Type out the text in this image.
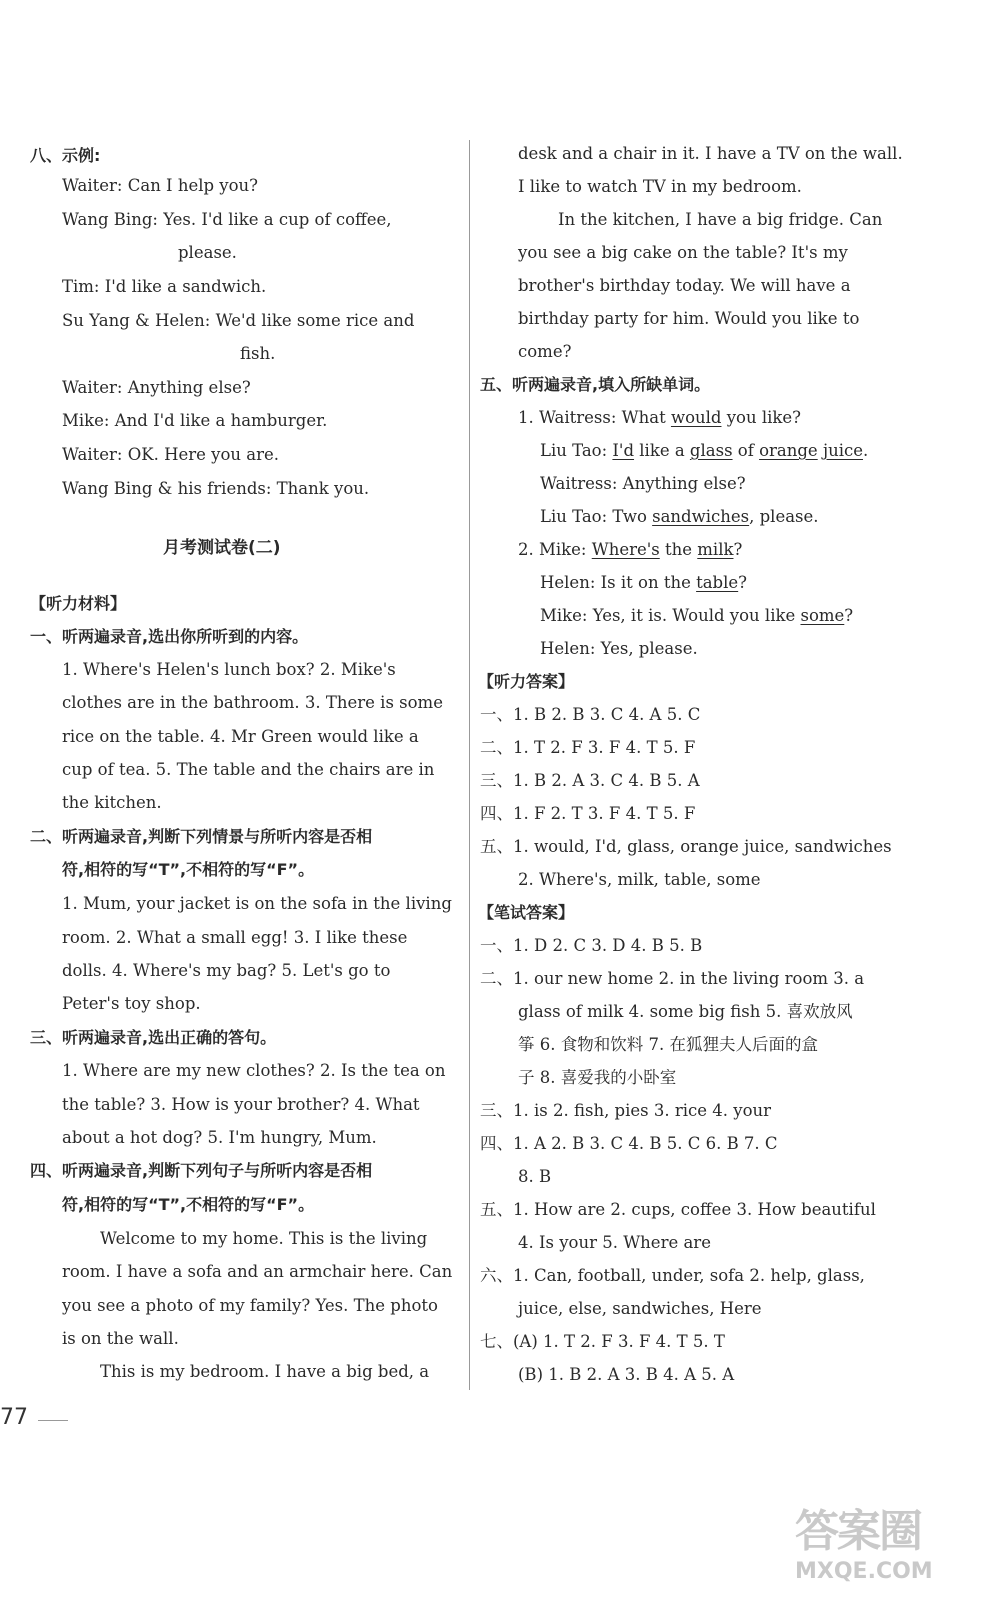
八、示例:
Waiter: Can I help you?
Wang Bing: Yes. I'd like a cup of coffee,
please.
Tim: I'd like a sandwich.
Su Yang & Helen: We'd like some rice and
fish.
Waiter: Anything else?
Mike: And I'd like a hamburger.
Waiter: OK. Here you are.
Wang Bing & his friends: Thank you.
月考测试卷(二)
【听力材料】
一、听两遍录音,选出你所听到的内容。
1. Where's Helen's lunch box? 2. Mike's
clothes are in the bathroom. 3. There is some
rice on the table. 4. Mr Green would like a
cup of tea. 5. The table and the chairs are in
the kitchen.
二、听两遍录音,判断下列情景与所听内容是否相
符,相符的写“T”,不相符的写“F”。
1. Mum, your jacket is on the sofa in the living
room. 2. What a small egg! 3. I like these
dolls. 4. Where's my bag? 5. Let's go to
Peter's toy shop.
三、听两遍录音,选出正确的答句。
1. Where are my new clothes? 2. Is the tea on
the table? 3. How is your brother? 4. What
about a hot dog? 5. I'm hungry, Mum.
四、听两遍录音,判断下列句子与所听内容是否相
符,相符的写“T”,不相符的写“F”。
Welcome to my home. This is the living
room. I have a sofa and an armchair here. Can
you see a photo of my family? Yes. The photo
is on the wall.
This is my bedroom. I have a big bed, a
desk and a chair in it. I have a TV on the wall.
I like to watch TV in my bedroom.
In the kitchen, I have a big fridge. Can
you see a big cake on the table? It's my
brother's birthday today. We will have a
birthday party for him. Would you like to
come?
五、听两遍录音,填入所缺单词。
1. Waitress: What would you like?
Liu Tao: I'd like a glass of orange juice.
Waitress: Anything else?
Liu Tao: Two sandwiches, please.
2. Mike: Where's the milk?
Helen: Is it on the table?
Mike: Yes, it is. Would you like some?
Helen: Yes, please.
【听力答案】
一、1. B 2. B 3. C 4. A 5. C
二、1. T 2. F 3. F 4. T 5. F
三、1. B 2. A 3. C 4. B 5. A
四、1. F 2. T 3. F 4. T 5. F
五、1. would, I'd, glass, orange juice, sandwiches
2. Where's, milk, table, some
【笔试答案】
一、1. D 2. C 3. D 4. B 5. B
二、1. our new home 2. in the living room 3. a
glass of milk 4. some big fish 5. 喜欢放风
筝 6. 食物和饮料 7. 在狐狸夫人后面的盒
子 8. 喜爱我的小卧室
三、1. is 2. fish, pies 3. rice 4. your
四、1. A 2. B 3. C 4. B 5. C 6. B 7. C
8. B
五、1. How are 2. cups, coffee 3. How beautiful
4. Is your 5. Where are
六、1. Can, football, under, sofa 2. help, glass,
juice, else, sandwiches, Here
七、(A) 1. T 2. F 3. F 4. T 5. T
(B) 1. B 2. A 3. B 4. A 5. A
77
答案圈
MXQE.COM
